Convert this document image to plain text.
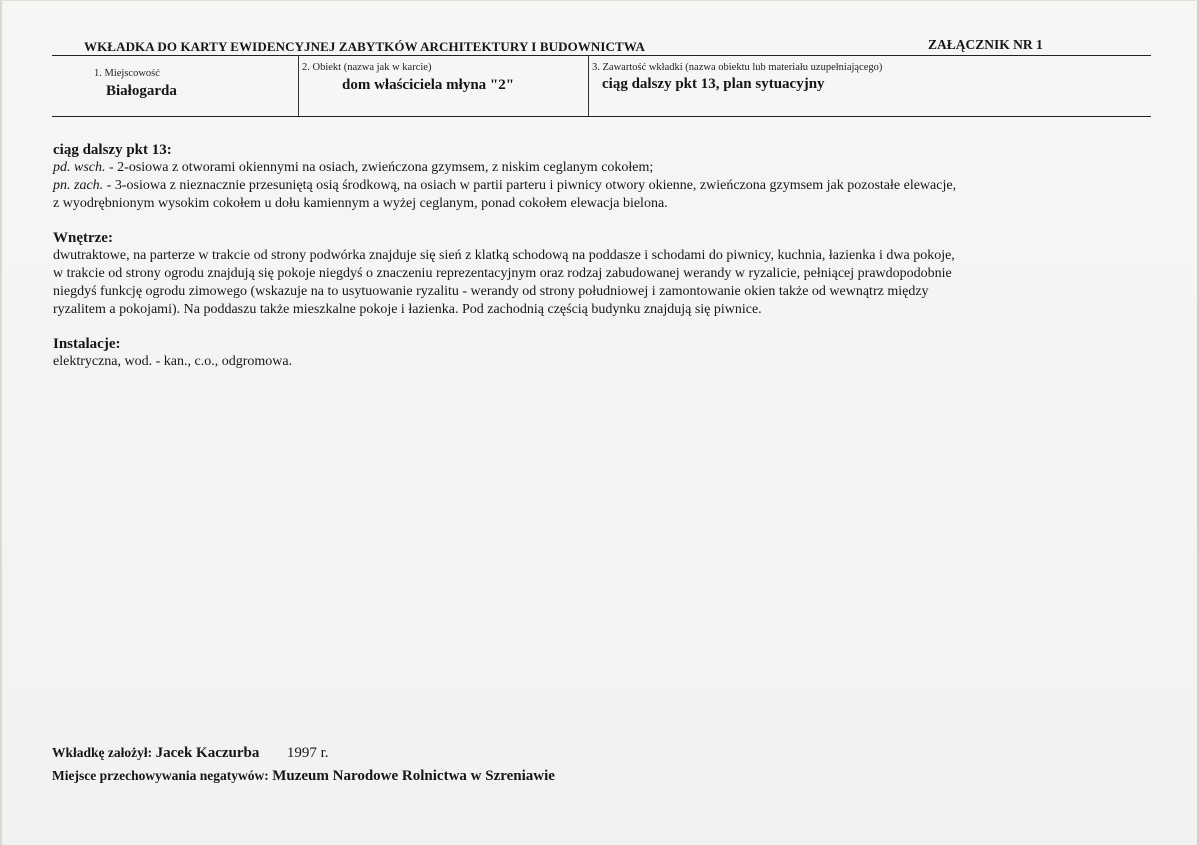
WKŁADKA DO KARTY EWIDENCYJNEJ ZABYTKÓW ARCHITEKTURY I BUDOWNICTWA	ZAŁĄCZNIK NR 1
1. Miejscowość
Białogarda
2. Obiekt (nazwa jak w karcie)
dom właściciela młyna "2"
3. Zawartość wkładki (nazwa obiektu lub materiału uzupełniającego)
ciąg dalszy pkt 13, plan sytuacyjny

ciąg dalszy pkt 13:

pd. wsch. - 2-osiowa z otworami okiennymi na osiach, zwieńczona gzymsem, z niskim ceglanym cokołem;

pn. zach. - 3-osiowa z nieznacznie przesuniętą osią środkową, na osiach w partii parteru i piwnicy otwory okienne, zwieńczona gzymsem jak pozostałe elewacje,

z wyodrębnionym wysokim cokołem u dołu kamiennym a wyżej ceglanym, ponad cokołem elewacja bielona.

Wnętrze:

dwutraktowe, na parterze w trakcie od strony podwórka znajduje się sień z klatką schodową na poddasze i schodami do piwnicy, kuchnia, łazienka i dwa pokoje,

w trakcie od strony ogrodu znajdują się pokoje niegdyś o znaczeniu reprezentacyjnym oraz rodzaj zabudowanej werandy w ryzalicie, pełniącej prawdopodobnie

niegdyś funkcję ogrodu zimowego (wskazuje na to usytuowanie ryzalitu - werandy od strony południowej i zamontowanie okien także od wewnątrz między

ryzalitem a pokojami). Na poddaszu także mieszkalne pokoje i łazienka. Pod zachodnią częścią budynku znajdują się piwnice.

Instalacje:

elektryczna, wod. - kan., c.o., odgromowa.

Wkładkę założył: Jacek Kaczurba 1997 r.
Miejsce przechowywania negatywów: Muzeum Narodowe Rolnictwa w Szreniawie
